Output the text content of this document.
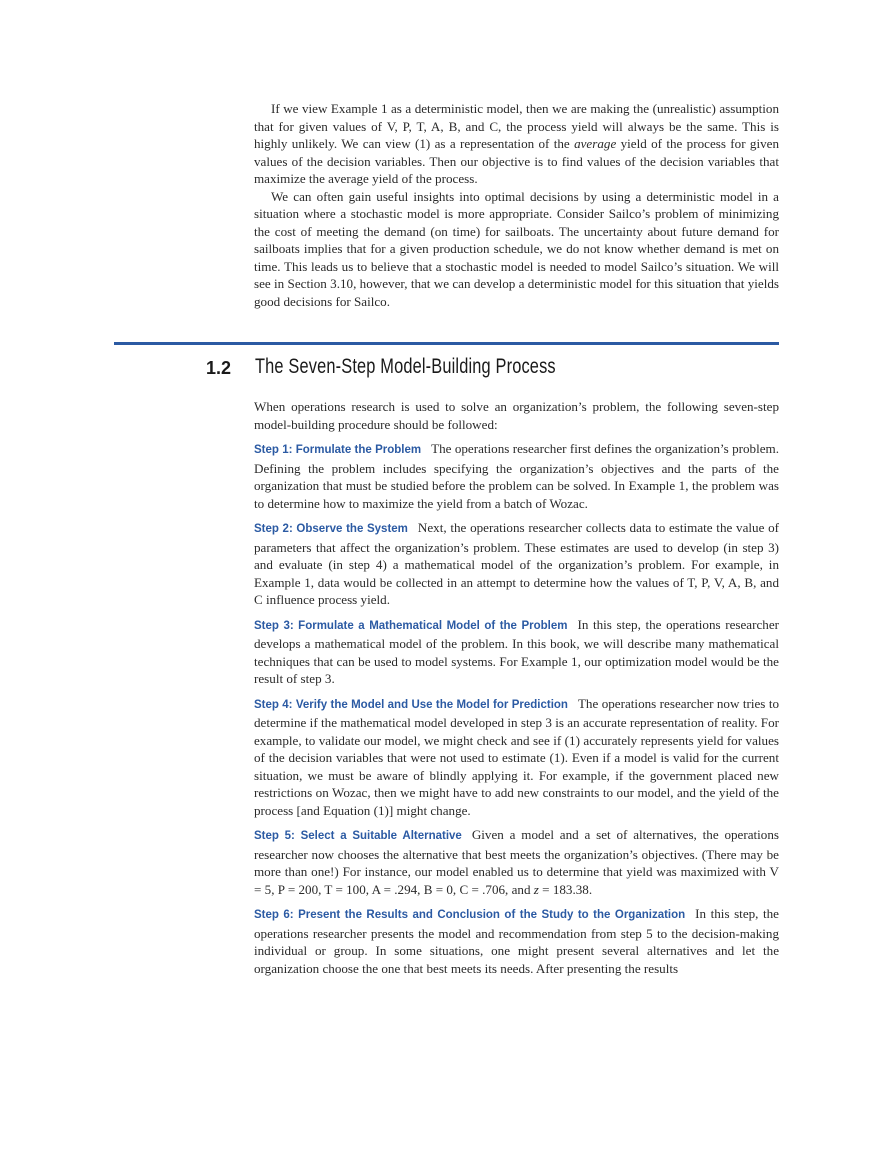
If we view Example 1 as a deterministic model, then we are making the (unrealistic) assumption that for given values of V, P, T, A, B, and C, the process yield will always be the same. This is highly unlikely. We can view (1) as a representation of the average yield of the process for given values of the decision variables. Then our objective is to find values of the decision variables that maximize the average yield of the process.

We can often gain useful insights into optimal decisions by using a deterministic model in a situation where a stochastic model is more appropriate. Consider Sailco’s problem of minimizing the cost of meeting the demand (on time) for sailboats. The uncertainty about future demand for sailboats implies that for a given production schedule, we do not know whether demand is met on time. This leads us to believe that a stochastic model is needed to model Sailco’s situation. We will see in Section 3.10, however, that we can develop a deterministic model for this situation that yields good decisions for Sailco.

1.2 The Seven-Step Model-Building Process

When operations research is used to solve an organization’s problem, the following seven-step model-building procedure should be followed:

Step 1: Formulate the Problem The operations researcher first defines the organization’s problem. Defining the problem includes specifying the organization’s objectives and the parts of the organization that must be studied before the problem can be solved. In Example 1, the problem was to determine how to maximize the yield from a batch of Wozac.

Step 2: Observe the System Next, the operations researcher collects data to estimate the value of parameters that affect the organization’s problem. These estimates are used to develop (in step 3) and evaluate (in step 4) a mathematical model of the organization’s problem. For example, in Example 1, data would be collected in an attempt to determine how the values of T, P, V, A, B, and C influence process yield.

Step 3: Formulate a Mathematical Model of the Problem In this step, the operations researcher develops a mathematical model of the problem. In this book, we will describe many mathematical techniques that can be used to model systems. For Example 1, our optimization model would be the result of step 3.

Step 4: Verify the Model and Use the Model for Prediction The operations researcher now tries to determine if the mathematical model developed in step 3 is an accurate representation of reality. For example, to validate our model, we might check and see if (1) accurately represents yield for values of the decision variables that were not used to estimate (1). Even if a model is valid for the current situation, we must be aware of blindly applying it. For example, if the government placed new restrictions on Wozac, then we might have to add new constraints to our model, and the yield of the process [and Equation (1)] might change.

Step 5: Select a Suitable Alternative Given a model and a set of alternatives, the operations researcher now chooses the alternative that best meets the organization’s objectives. (There may be more than one!) For instance, our model enabled us to determine that yield was maximized with V = 5, P = 200, T = 100, A = .294, B = 0, C = .706, and z = 183.38.

Step 6: Present the Results and Conclusion of the Study to the Organization In this step, the operations researcher presents the model and recommendation from step 5 to the decision-making individual or group. In some situations, one might present several alternatives and let the organization choose the one that best meets its needs. After presenting the results
